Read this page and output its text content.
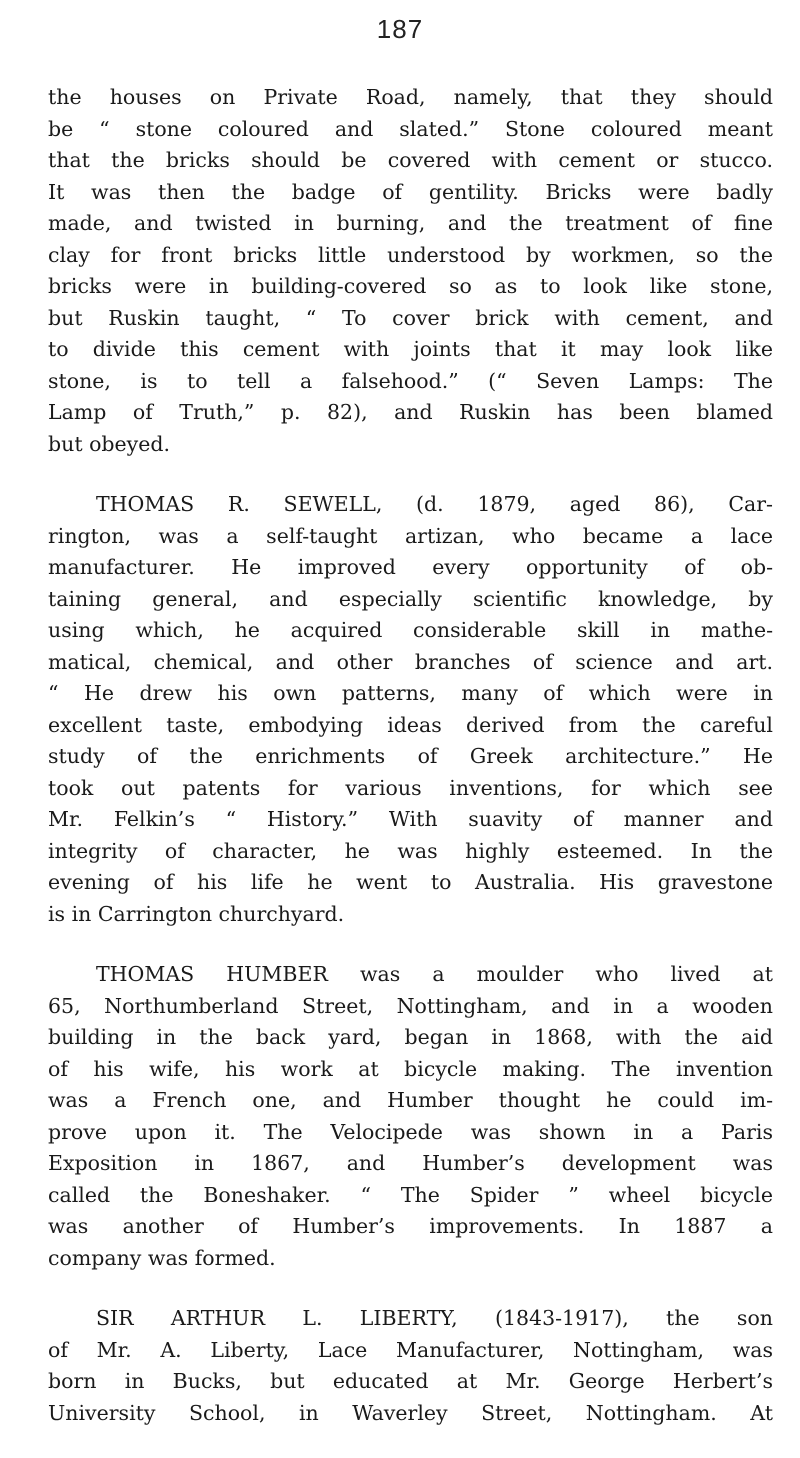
187

the houses on Private Road, namely, that they should
be “ stone coloured and slated.” Stone coloured meant
that the bricks should be covered with cement or stucco.
It was then the badge of gentility. Bricks were badly
made, and twisted in burning, and the treatment of fine
clay for front bricks little understood by workmen, so the
bricks were in building-covered so as to look like stone,
but Ruskin taught, “ To cover brick with cement, and
to divide this cement with joints that it may look like
stone, is to tell a falsehood.” (“ Seven Lamps: The
Lamp of Truth,” p. 82), and Ruskin has been blamed
but obeyed.

THOMAS R. SEWELL, (d. 1879, aged 86), Car-
rington, was a self-taught artizan, who became a lace
manufacturer. He improved every opportunity of ob-
taining general, and especially scientific knowledge, by
using which, he acquired considerable skill in mathe-
matical, chemical, and other branches of science and art.
“ He drew his own patterns, many of which were in
excellent taste, embodying ideas derived from the careful
study of the enrichments of Greek architecture.” He
took out patents for various inventions, for which see
Mr. Felkin’s “ History.” With suavity of manner and
integrity of character, he was highly esteemed. In the
evening of his life he went to Australia. His gravestone
is in Carrington churchyard.

THOMAS HUMBER was a moulder who lived at
65, Northumberland Street, Nottingham, and in a wooden
building in the back yard, began in 1868, with the aid
of his wife, his work at bicycle making. The invention
was a French one, and Humber thought he could im-
prove upon it. The Velocipede was shown in a Paris
Exposition in 1867, and Humber’s development was
called the Boneshaker. “ The Spider ” wheel bicycle
was another of Humber’s improvements. In 1887 a
company was formed.

SIR ARTHUR L. LIBERTY, (1843-1917), the son
of Mr. A. Liberty, Lace Manufacturer, Nottingham, was
born in Bucks, but educated at Mr. George Herbert’s
University School, in Waverley Street, Nottingham. At
